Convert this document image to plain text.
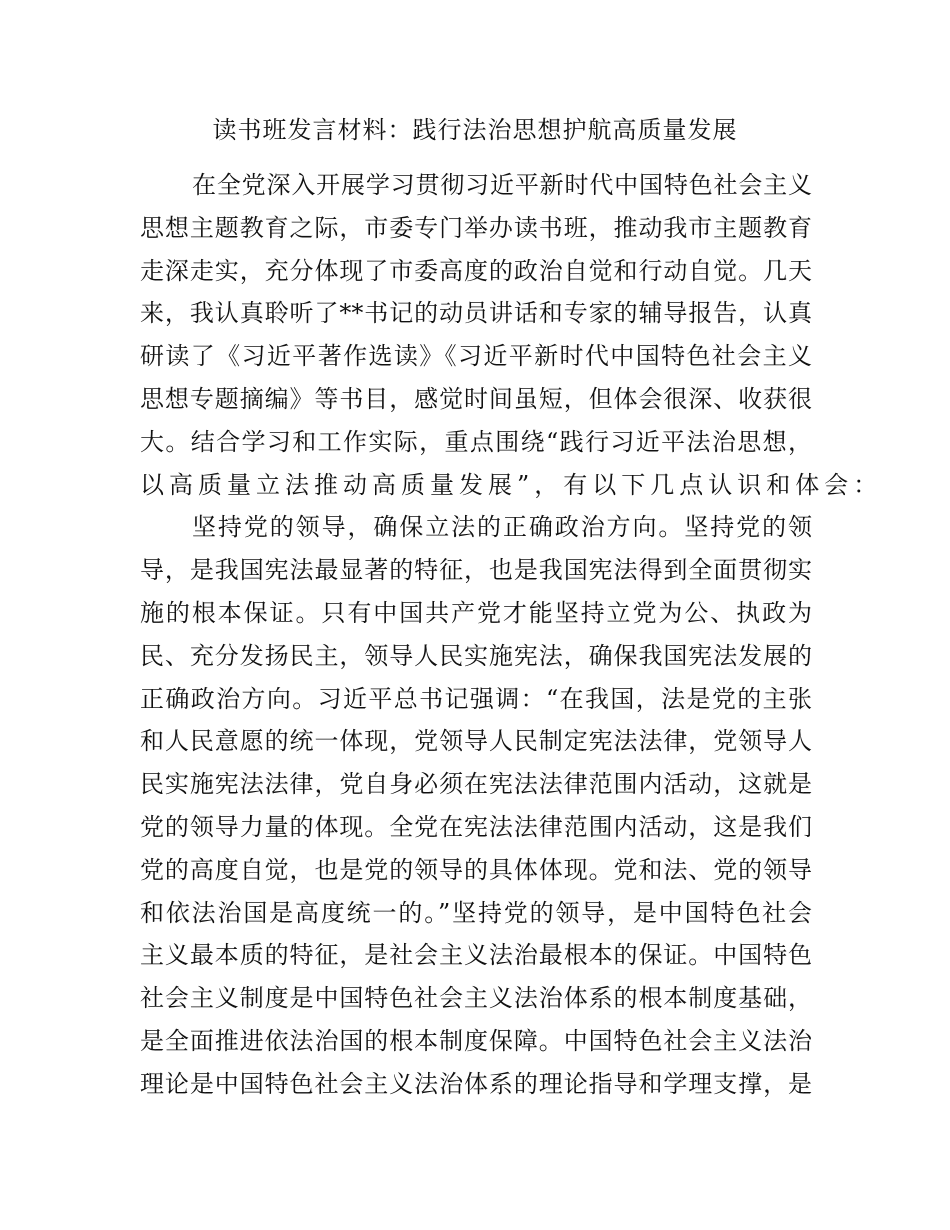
读书班发言材料：践行法治思想护航高质量发展
在全党深入开展学习贯彻习近平新时代中国特色社会主义
思想主题教育之际，市委专门举办读书班，推动我市主题教育
走深走实，充分体现了市委高度的政治自觉和行动自觉。几天
来，我认真聆听了**书记的动员讲话和专家的辅导报告，认真
研读了《习近平著作选读》《习近平新时代中国特色社会主义
思想专题摘编》等书目，感觉时间虽短，但体会很深、收获很
大。结合学习和工作实际，重点围绕“践行习近平法治思想，
以高质量立法推动高质量发展”，有以下几点认识和体会：
坚持党的领导，确保立法的正确政治方向。坚持党的领
导，是我国宪法最显著的特征，也是我国宪法得到全面贯彻实
施的根本保证。只有中国共产党才能坚持立党为公、执政为
民、充分发扬民主，领导人民实施宪法，确保我国宪法发展的
正确政治方向。习近平总书记强调：“在我国，法是党的主张
和人民意愿的统一体现，党领导人民制定宪法法律，党领导人
民实施宪法法律，党自身必须在宪法法律范围内活动，这就是
党的领导力量的体现。全党在宪法法律范围内活动，这是我们
党的高度自觉，也是党的领导的具体体现。党和法、党的领导
和依法治国是高度统一的。”坚持党的领导，是中国特色社会
主义最本质的特征，是社会主义法治最根本的保证。中国特色
社会主义制度是中国特色社会主义法治体系的根本制度基础，
是全面推进依法治国的根本制度保障。中国特色社会主义法治
理论是中国特色社会主义法治体系的理论指导和学理支撑，是
